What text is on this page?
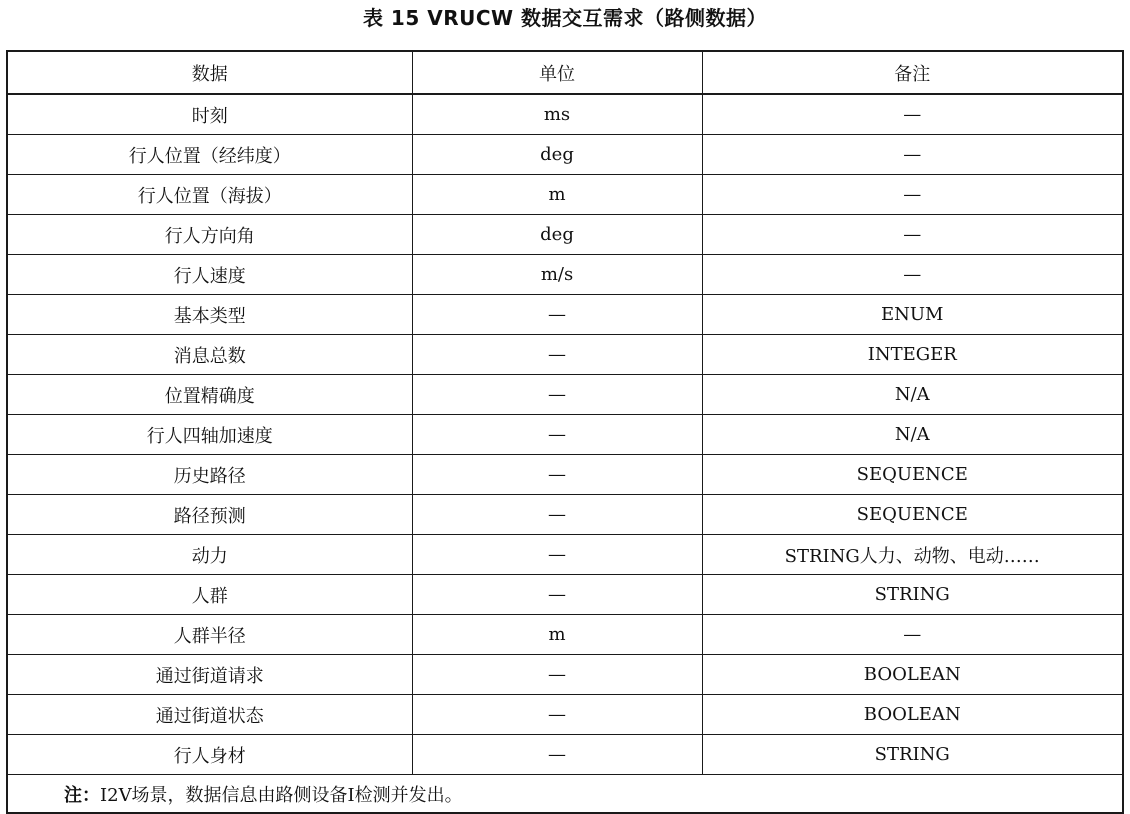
表 15 VRUCW 数据交互需求（路侧数据）
数据	单位	备注
时刻	ms	—
行人位置（经纬度）	deg	—
行人位置（海拔）	m	—
行人方向角	deg	—
行人速度	m/s	—
基本类型	—	ENUM
消息总数	—	INTEGER
位置精确度	—	N/A
行人四轴加速度	—	N/A
历史路径	—	SEQUENCE
路径预测	—	SEQUENCE
动力	—	STRING人力、动物、电动……
人群	—	STRING
人群半径	m	—
通过街道请求	—	BOOLEAN
通过街道状态	—	BOOLEAN
行人身材	—	STRING
注：I2V场景，数据信息由路侧设备I检测并发出。		
